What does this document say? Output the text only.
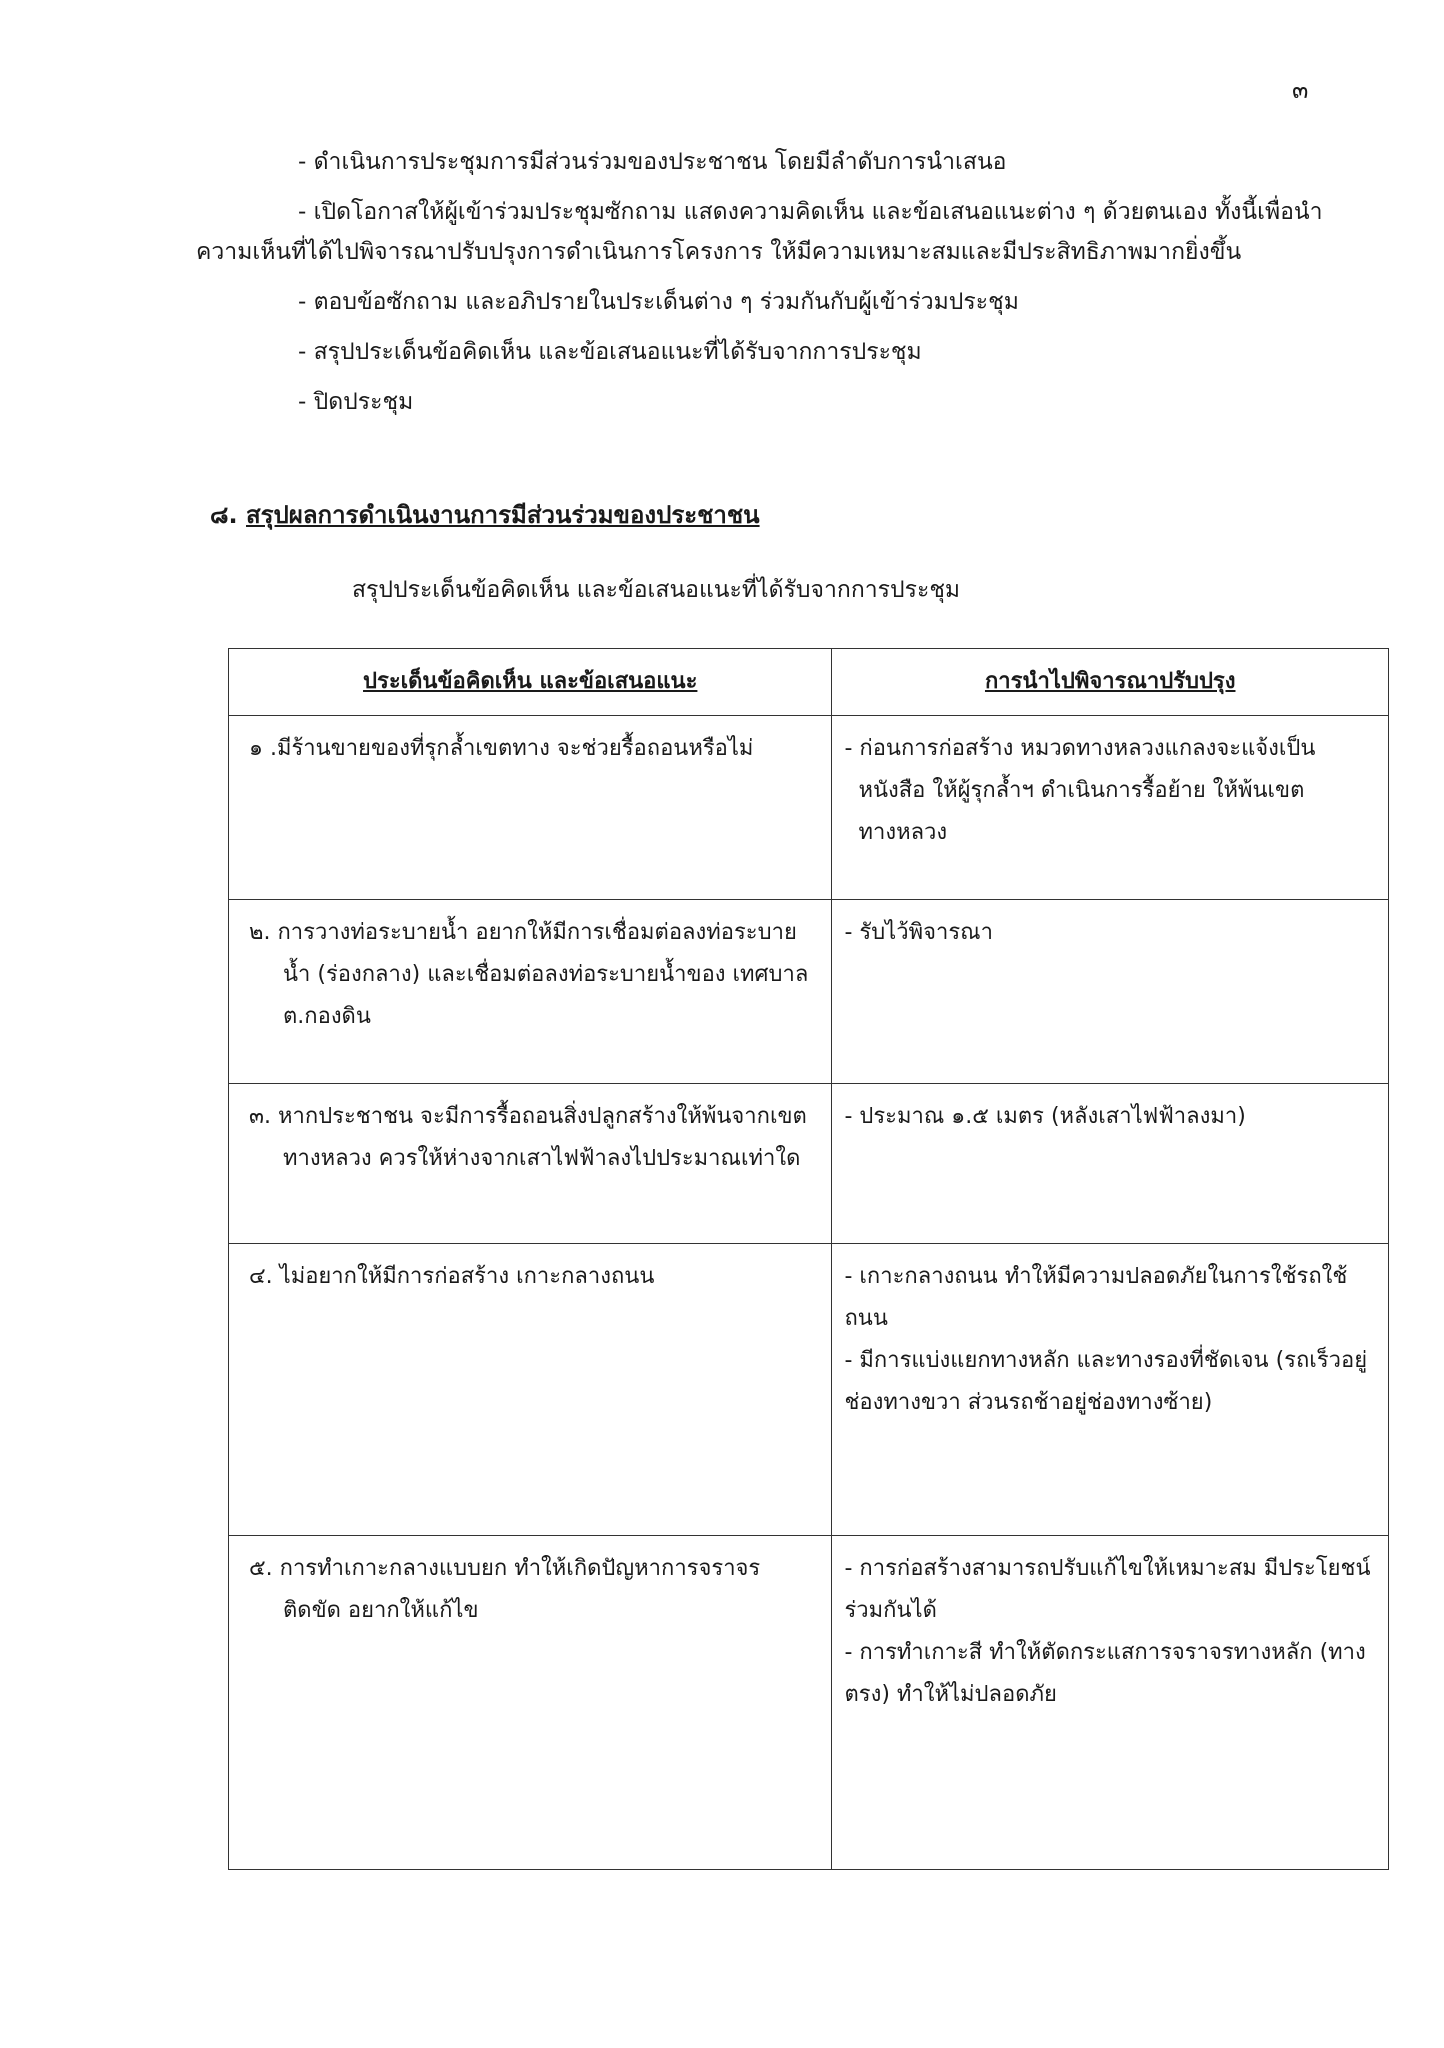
๓

- ดำเนินการประชุมการมีส่วนร่วมของประชาชน โดยมีลำดับการนำเสนอ

- เปิดโอกาสให้ผู้เข้าร่วมประชุมซักถาม แสดงความคิดเห็น และข้อเสนอแนะต่าง ๆ ด้วยตนเอง ทั้งนี้เพื่อนำความเห็นที่ได้ไปพิจารณาปรับปรุงการดำเนินการโครงการ ให้มีความเหมาะสมและมีประสิทธิภาพมากยิ่งขึ้น

- ตอบข้อซักถาม และอภิปรายในประเด็นต่าง ๆ ร่วมกันกับผู้เข้าร่วมประชุม

- สรุปประเด็นข้อคิดเห็น และข้อเสนอแนะที่ได้รับจากการประชุม

- ปิดประชุม

๘. สรุปผลการดำเนินงานการมีส่วนร่วมของประชาชน
สรุปประเด็นข้อคิดเห็น และข้อเสนอแนะที่ได้รับจากการประชุม
ประเด็นข้อคิดเห็น และข้อเสนอแนะ	การนำไปพิจารณาปรับปรุง

๑ .มีร้านขายของที่รุกล้ำเขตทาง จะช่วยรื้อถอนหรือไม่	- ก่อนการก่อสร้าง หมวดทางหลวงแกลงจะแจ้งเป็นหนังสือ ให้ผู้รุกล้ำฯ ดำเนินการรื้อย้าย ให้พ้นเขตทางหลวง

๒. การวางท่อระบายน้ำ อยากให้มีการเชื่อมต่อลงท่อระบายน้ำ (ร่องกลาง) และเชื่อมต่อลงท่อระบายน้ำของ เทศบาล ต.กองดิน	- รับไว้พิจารณา

๓. หากประชาชน จะมีการรื้อถอนสิ่งปลูกสร้างให้พ้นจากเขตทางหลวง ควรให้ห่างจากเสาไฟฟ้าลงไปประมาณเท่าใด	- ประมาณ ๑.๕ เมตร (หลังเสาไฟฟ้าลงมา)

๔. ไม่อยากให้มีการก่อสร้าง เกาะกลางถนน	- เกาะกลางถนน ทำให้มีความปลอดภัยในการใช้รถใช้ถนน
- มีการแบ่งแยกทางหลัก และทางรองที่ชัดเจน (รถเร็วอยู่ช่องทางขวา ส่วนรถช้าอยู่ช่องทางซ้าย)

๕. การทำเกาะกลางแบบยก ทำให้เกิดปัญหาการจราจรติดขัด อยากให้แก้ไข	- การก่อสร้างสามารถปรับแก้ไขให้เหมาะสม มีประโยชน์ร่วมกันได้
- การทำเกาะสี ทำให้ตัดกระแสการจราจรทางหลัก (ทางตรง) ทำให้ไม่ปลอดภัย
